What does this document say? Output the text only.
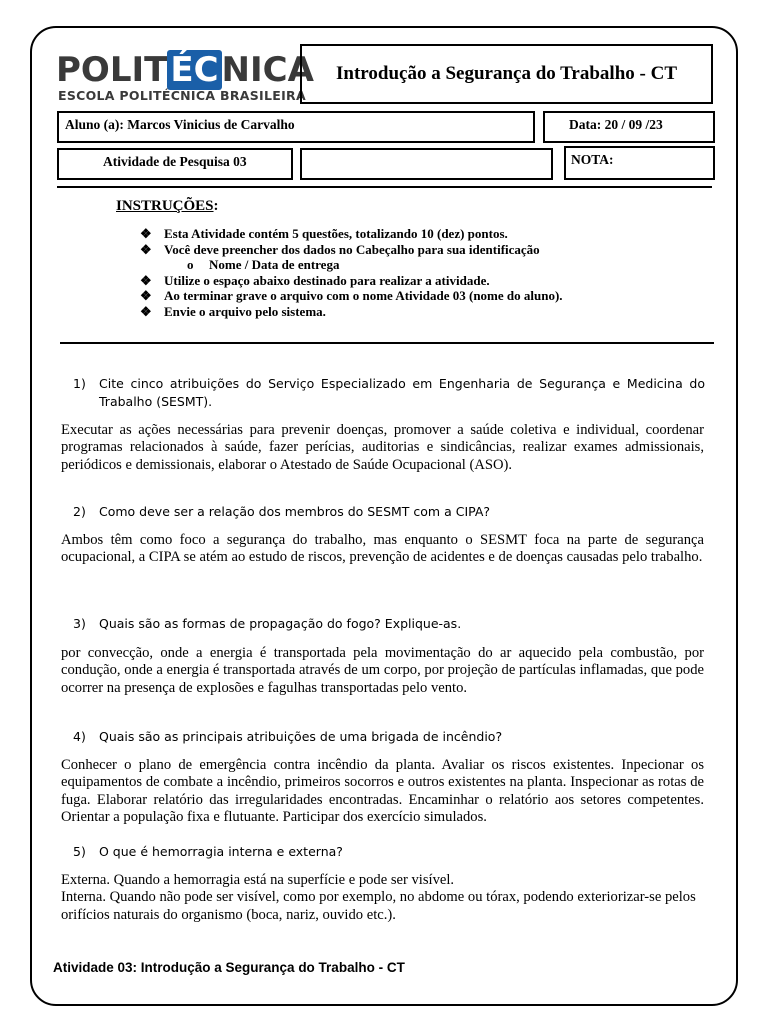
POLITÉCNICA
ESCOLA POLITÉCNICA BRASILEIRA
Introdução a Segurança do Trabalho - CT
Aluno (a): Marcos Vinicius de Carvalho	Data: 20 / 09 /23
Atividade de Pesquisa 03	NOTA:
INSTRUÇÕES:
❖ Esta Atividade contém 5 questões, totalizando 10 (dez) pontos.
❖ Você deve preencher dos dados no Cabeçalho para sua identificação
o Nome / Data de entrega
❖ Utilize o espaço abaixo destinado para realizar a atividade.
❖ Ao terminar grave o arquivo com o nome Atividade 03 (nome do aluno).
❖ Envie o arquivo pelo sistema.
1) Cite cinco atribuições do Serviço Especializado em Engenharia de Segurança e Medicina do Trabalho (SESMT).
Executar as ações necessárias para prevenir doenças, promover a saúde coletiva e individual, coordenar programas relacionados à saúde, fazer perícias, auditorias e sindicâncias, realizar exames admissionais, periódicos e demissionais, elaborar o Atestado de Saúde Ocupacional (ASO).
2) Como deve ser a relação dos membros do SESMT com a CIPA?
Ambos têm como foco a segurança do trabalho, mas enquanto o SESMT foca na parte de segurança ocupacional, a CIPA se atém ao estudo de riscos, prevenção de acidentes e de doenças causadas pelo trabalho.
3) Quais são as formas de propagação do fogo? Explique-as.
por convecção, onde a energia é transportada pela movimentação do ar aquecido pela combustão, por condução, onde a energia é transportada através de um corpo, por projeção de partículas inflamadas, que pode ocorrer na presença de explosões e fagulhas transportadas pelo vento.
4) Quais são as principais atribuições de uma brigada de incêndio?
Conhecer o plano de emergência contra incêndio da planta. Avaliar os riscos existentes. Inpecionar os equipamentos de combate a incêndio, primeiros socorros e outros existentes na planta. Inspecionar as rotas de fuga. Elaborar relatório das irregularidades encontradas. Encaminhar o relatório aos setores competentes. Orientar a população fixa e flutuante. Participar dos exercício simulados.
5) O que é hemorragia interna e externa?
Externa. Quando a hemorragia está na superfície e pode ser visível.
Interna. Quando não pode ser visível, como por exemplo, no abdome ou tórax, podendo exteriorizar-se pelos orifícios naturais do organismo (boca, nariz, ouvido etc.).
Atividade 03: Introdução a Segurança do Trabalho - CT
